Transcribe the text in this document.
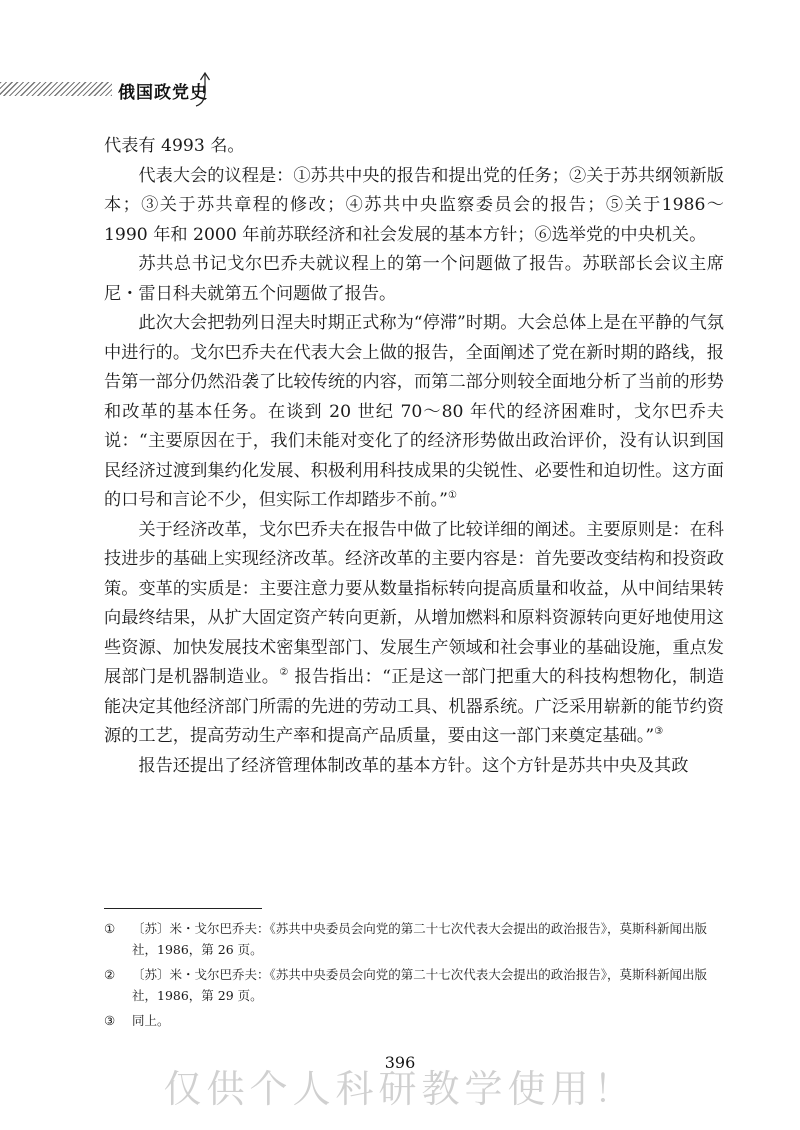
俄国政党史

代表有 4993 名。

代表大会的议程是：①苏共中央的报告和提出党的任务；②关于苏共纲领新版本；③关于苏共章程的修改；④苏共中央监察委员会的报告；⑤关于1986～1990 年和 2000 年前苏联经济和社会发展的基本方针；⑥选举党的中央机关。

苏共总书记戈尔巴乔夫就议程上的第一个问题做了报告。苏联部长会议主席尼・雷日科夫就第五个问题做了报告。

此次大会把勃列日涅夫时期正式称为“停滞”时期。大会总体上是在平静的气氛中进行的。戈尔巴乔夫在代表大会上做的报告，全面阐述了党在新时期的路线，报告第一部分仍然沿袭了比较传统的内容，而第二部分则较全面地分析了当前的形势和改革的基本任务。在谈到 20 世纪 70～80 年代的经济困难时，戈尔巴乔夫说：“主要原因在于，我们未能对变化了的经济形势做出政治评价，没有认识到国民经济过渡到集约化发展、积极利用科技成果的尖锐性、必要性和迫切性。这方面的口号和言论不少，但实际工作却踏步不前。”①

关于经济改革，戈尔巴乔夫在报告中做了比较详细的阐述。主要原则是：在科技进步的基础上实现经济改革。经济改革的主要内容是：首先要改变结构和投资政策。变革的实质是：主要注意力要从数量指标转向提高质量和收益，从中间结果转向最终结果，从扩大固定资产转向更新，从增加燃料和原料资源转向更好地使用这些资源、加快发展技术密集型部门、发展生产领域和社会事业的基础设施，重点发展部门是机器制造业。② 报告指出：“正是这一部门把重大的科技构想物化，制造能决定其他经济部门所需的先进的劳动工具、机器系统。广泛采用崭新的能节约资源的工艺，提高劳动生产率和提高产品质量，要由这一部门来奠定基础。”③

报告还提出了经济管理体制改革的基本方针。这个方针是苏共中央及其政

① 〔苏〕米・戈尔巴乔夫：《苏共中央委员会向党的第二十七次代表大会提出的政治报告》，莫斯科新闻出版社，1986，第 26 页。
② 〔苏〕米・戈尔巴乔夫：《苏共中央委员会向党的第二十七次代表大会提出的政治报告》，莫斯科新闻出版社，1986，第 29 页。
③ 同上。
396
仅供个人科研教学使用！
